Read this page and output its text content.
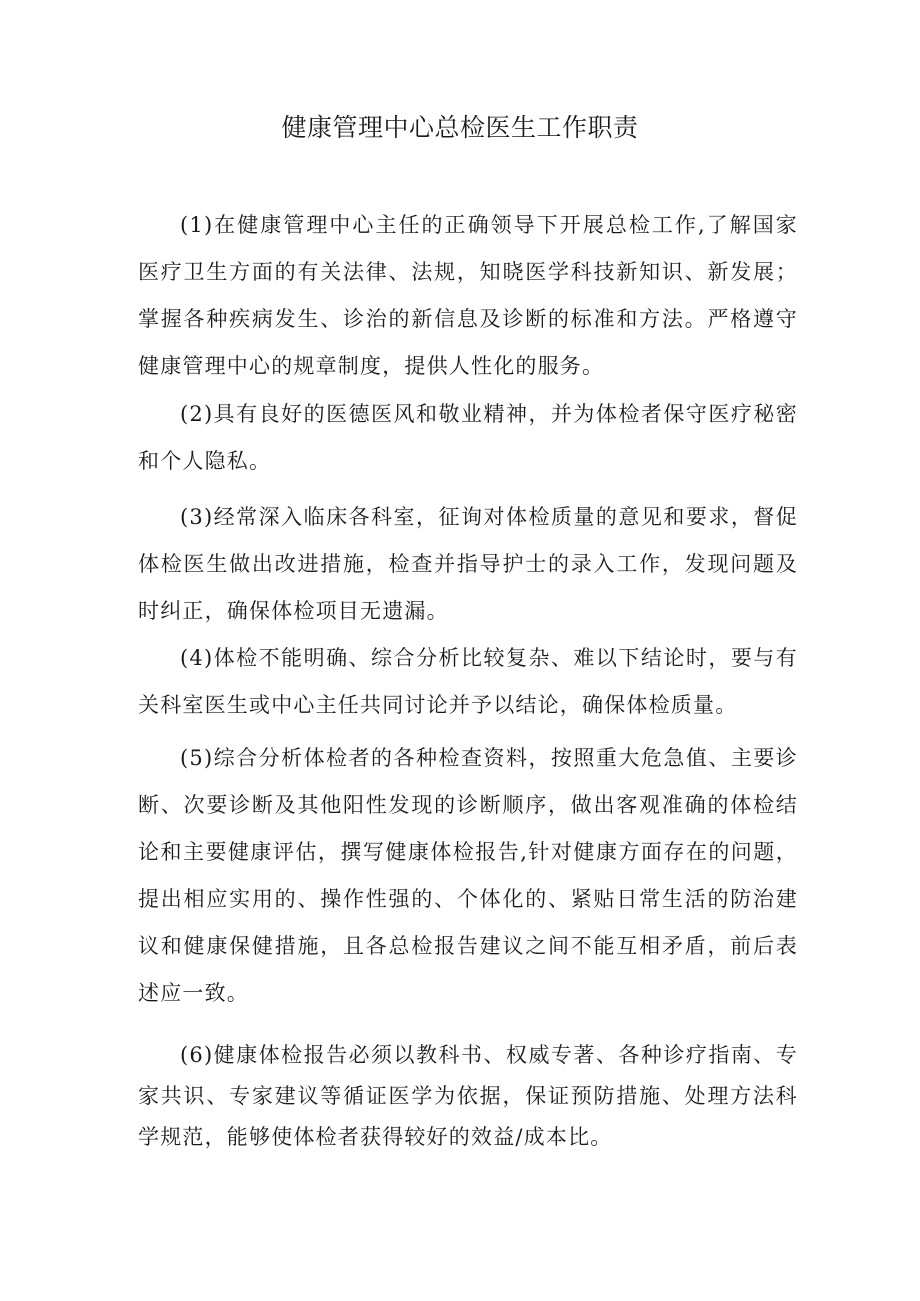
健康管理中心总检医生工作职责

(1)在健康管理中心主任的正确领导下开展总检工作,了解国家医疗卫生方面的有关法律、法规，知晓医学科技新知识、新发展；掌握各种疾病发生、诊治的新信息及诊断的标准和方法。严格遵守健康管理中心的规章制度，提供人性化的服务。

(2)具有良好的医德医风和敬业精神，并为体检者保守医疗秘密和个人隐私。

(3)经常深入临床各科室，征询对体检质量的意见和要求，督促体检医生做出改进措施，检查并指导护士的录入工作，发现问题及时纠正，确保体检项目无遗漏。

(4)体检不能明确、综合分析比较复杂、难以下结论时，要与有关科室医生或中心主任共同讨论并予以结论，确保体检质量。

(5)综合分析体检者的各种检查资料，按照重大危急值、主要诊断、次要诊断及其他阳性发现的诊断顺序，做出客观准确的体检结论和主要健康评估，撰写健康体检报告,针对健康方面存在的问题，提出相应实用的、操作性强的、个体化的、紧贴日常生活的防治建议和健康保健措施，且各总检报告建议之间不能互相矛盾，前后表述应一致。

(6)健康体检报告必须以教科书、权威专著、各种诊疗指南、专家共识、专家建议等循证医学为依据，保证预防措施、处理方法科学规范，能够使体检者获得较好的效益/成本比。
